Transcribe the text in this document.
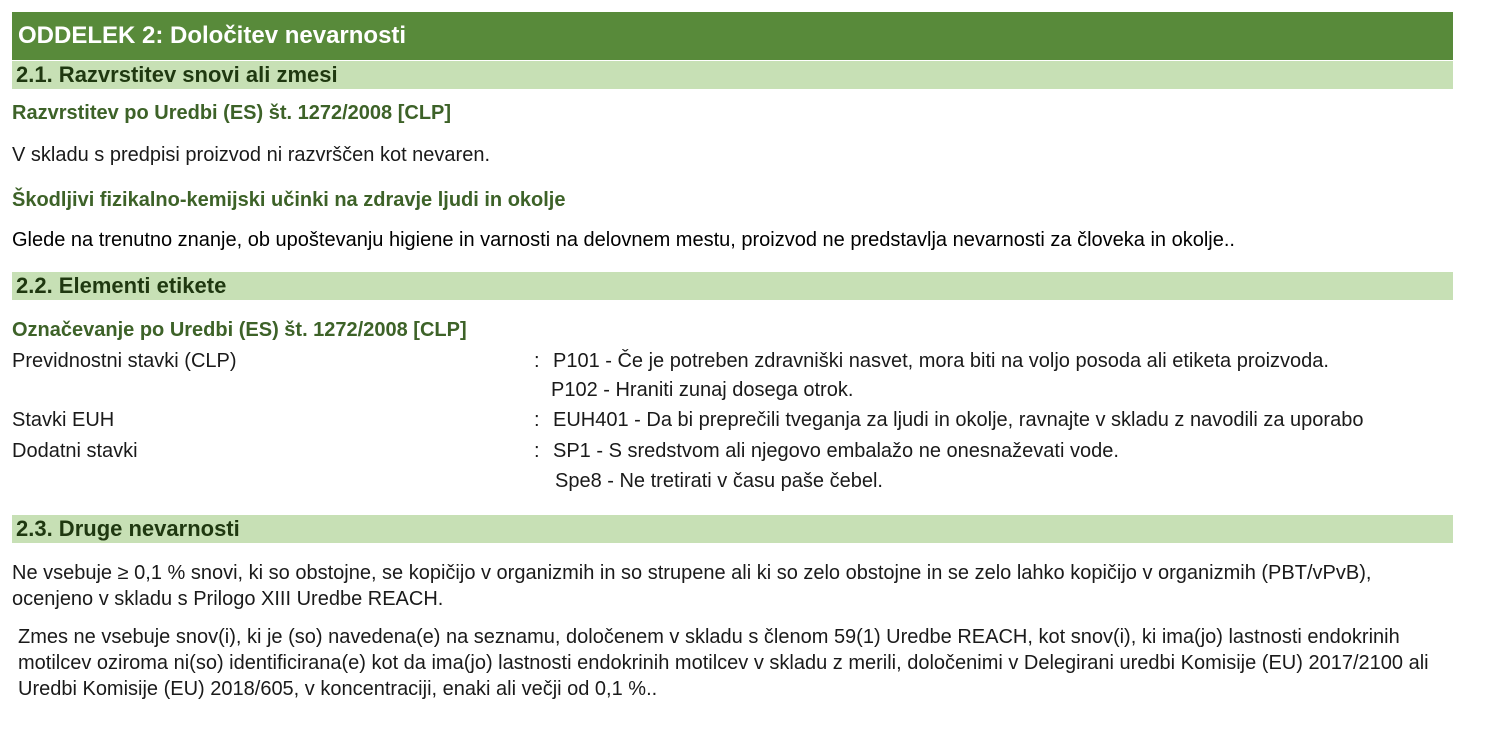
ODDELEK 2: Določitev nevarnosti
2.1. Razvrstitev snovi ali zmesi
Razvrstitev po Uredbi (ES) št. 1272/2008 [CLP]
V skladu s predpisi proizvod ni razvrščen kot nevaren.
Škodljivi fizikalno-kemijski učinki na zdravje ljudi in okolje
Glede na trenutno znanje, ob upoštevanju higiene in varnosti na delovnem mestu, proizvod ne predstavlja nevarnosti za človeka in okolje..
2.2. Elementi etikete
Označevanje po Uredbi (ES) št. 1272/2008 [CLP]
Previdnostni stavki (CLP)	: P101 - Če je potreben zdravniški nasvet, mora biti na voljo posoda ali etiketa proizvoda.
P102 - Hraniti zunaj dosega otrok.
Stavki EUH	: EUH401 - Da bi preprečili tveganja za ljudi in okolje, ravnajte v skladu z navodili za uporabo
Dodatni stavki	: SP1 - S sredstvom ali njegovo embalažo ne onesnaževati vode.
Spe8 - Ne tretirati v času paše čebel.
2.3. Druge nevarnosti
Ne vsebuje ≥ 0,1 % snovi, ki so obstojne, se kopičijo v organizmih in so strupene ali ki so zelo obstojne in se zelo lahko kopičijo v organizmih (PBT/vPvB), ocenjeno v skladu s Prilogo XIII Uredbe REACH.
Zmes ne vsebuje snov(i), ki je (so) navedena(e) na seznamu, določenem v skladu s členom 59(1) Uredbe REACH, kot snov(i), ki ima(jo) lastnosti endokrinih motilcev oziroma ni(so) identificirana(e) kot da ima(jo) lastnosti endokrinih motilcev v skladu z merili, določenimi v Delegirani uredbi Komisije (EU) 2017/2100 ali Uredbi Komisije (EU) 2018/605, v koncentraciji, enaki ali večji od 0,1 %..
